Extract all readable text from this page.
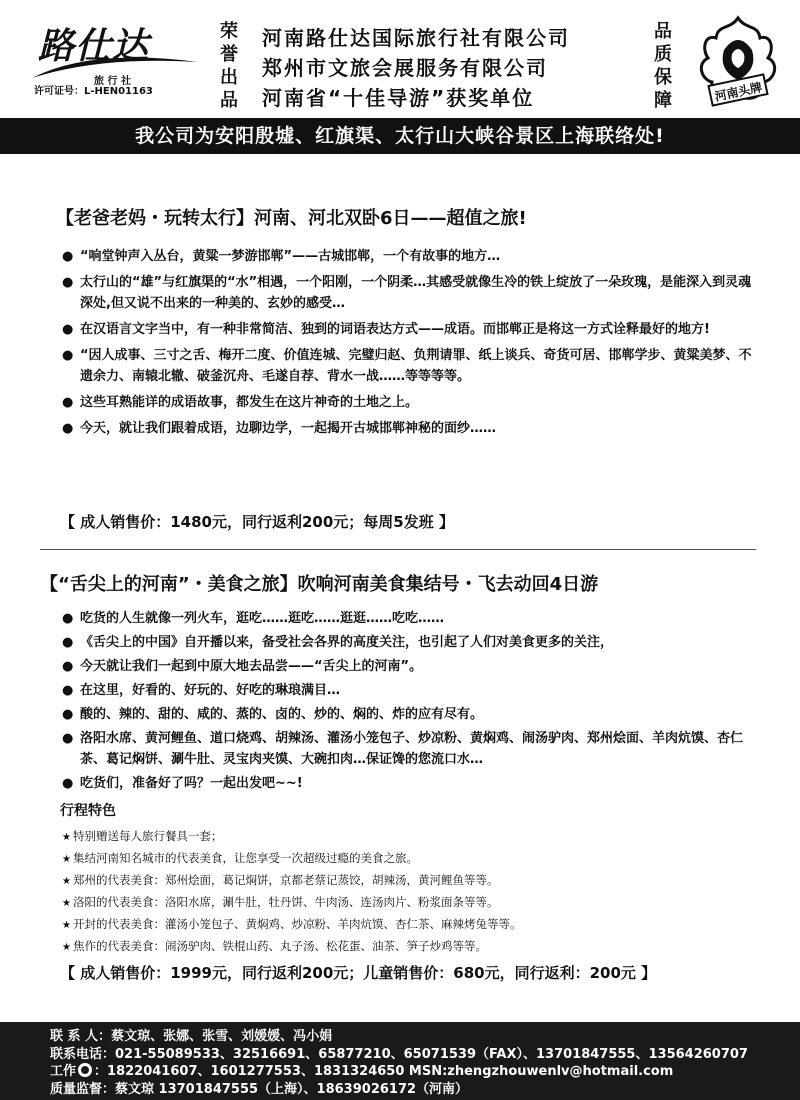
路仕达
旅 行 社
许可证号：L-HEN01163
荣
誉
出
品
河南路仕达国际旅行社有限公司
郑州市文旅会展服务有限公司
河南省“十佳导游”获奖单位
品
质
保
障	河南头牌
我公司为安阳殷墟、红旗渠、太行山大峡谷景区上海联络处!
【老爸老妈・玩转太行】河南、河北双卧6日——超值之旅!
● “响堂钟声入丛台，黄粱一梦游邯郸”——古城邯郸，一个有故事的地方…
● 太行山的“雄”与红旗渠的“水”相遇，一个阳刚，一个阴柔…其感受就像生冷的铁上绽放了一朵玫瑰，是能深入到灵魂深处,但又说不出来的一种美的、玄妙的感受…
● 在汉语言文字当中，有一种非常简洁、独到的词语表达方式——成语。而邯郸正是将这一方式诠释最好的地方!
● “因人成事、三寸之舌、梅开二度、价值连城、完璧归赵、负荆请罪、纸上谈兵、奇货可居、邯郸学步、黄粱美梦、不遗余力、南辕北辙、破釜沉舟、毛遂自荐、背水一战……等等等等。
● 这些耳熟能详的成语故事，都发生在这片神奇的土地之上。
● 今天，就让我们跟着成语，边聊边学，一起揭开古城邯郸神秘的面纱……
【 成人销售价：1480元，同行返利200元；每周5发班 】
【“舌尖上的河南”・美食之旅】吹响河南美食集结号・飞去动回4日游
● 吃货的人生就像一列火车，逛吃……逛吃……逛逛……吃吃……
● 《舌尖上的中国》自开播以来，备受社会各界的高度关注，也引起了人们对美食更多的关注，
● 今天就让我们一起到中原大地去品尝——“舌尖上的河南”。
● 在这里，好看的、好玩的、好吃的琳琅满目…
● 酸的、辣的、甜的、咸的、蒸的、卤的、炒的、焖的、炸的应有尽有。
● 洛阳水席、黄河鲤鱼、道口烧鸡、胡辣汤、灌汤小笼包子、炒凉粉、黄焖鸡、闹汤驴肉、郑州烩面、羊肉炕馍、杏仁茶、葛记焖饼、涮牛肚、灵宝肉夹馍、大碗扣肉…保证馋的您流口水…
● 吃货们，准备好了吗？一起出发吧~~!
行程特色
★ 特别赠送每人旅行餐具一套；
★ 集结河南知名城市的代表美食，让您享受一次超级过瘾的美食之旅。
★ 郑州的代表美食：郑州烩面，葛记焖饼，京都老蔡记蒸饺，胡辣汤，黄河鲤鱼等等。
★ 洛阳的代表美食：洛阳水席，涮牛肚，牡丹饼、牛肉汤、连汤肉片、粉浆面条等等。
★ 开封的代表美食：灌汤小笼包子、黄焖鸡、炒凉粉、羊肉炕馍、杏仁茶、麻辣烤兔等等。
★ 焦作的代表美食：闹汤驴肉、铁棍山药、丸子汤、松花蛋、油茶、笋子炒鸡等等。
【 成人销售价：1999元，同行返利200元；儿童销售价：680元，同行返利：200元 】
联 系 人：蔡文琼、张娜、张雪、刘媛媛、冯小娟
联系电话：021-55089533、32516691、65877210、65071539（FAX）、13701847555、13564260707
工作 ：1822041607、1601277553、1831324650 MSN:zhengzhouwenlv@hotmail.com
质量监督：蔡文琼 13701847555（上海）、18639026172（河南）
